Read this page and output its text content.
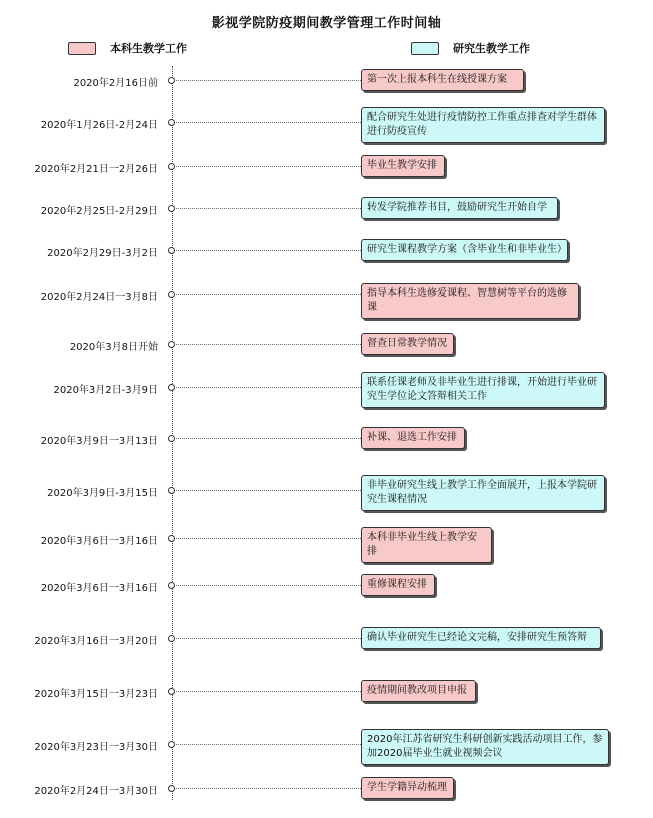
影视学院防疫期间教学管理工作时间轴
本科生教学工作	研究生教学工作
2020年2月16日前	第一次上报本科生在线授课方案
2020年1月26日-2月24日
配合研究生处进行疫情防控工作重点排查对学生群体进行防疫宣传
2020年2月21日一2月26日	毕业生教学安排
2020年2月25日-2月29日	转发学院推荐书目，鼓励研究生开始自学
2020年2月29日-3月2日	研究生课程教学方案（含毕业生和非毕业生）
2020年2月24日一3月8日	指导本科生选修爱课程、智慧树等平台的选修课
2020年3月8日开始	督查日常教学情况
2020年3月2日-3月9日
联系任课老师及非毕业生进行排课，开始进行毕业研究生学位论文答辩相关工作
2020年3月9日一3月13日	补课、退选工作安排
2020年3月9日-3月15日
非毕业研究生线上教学工作全面展开，上报本学院研究生课程情况
2020年3月6日一3月16日	本科非毕业生线上教学安排
2020年3月6日一3月16日	重修课程安排
2020年3月16日一3月20日	确认毕业研究生已经论文完稿，安排研究生预答辩
2020年3月15日一3月23日	疫情期间教改项目申报
2020年3月23日一3月30日
2020年江苏省研究生科研创新实践活动项目工作，参加2020届毕业生就业视频会议
2020年2月24日一3月30日	学生学籍异动梳理
